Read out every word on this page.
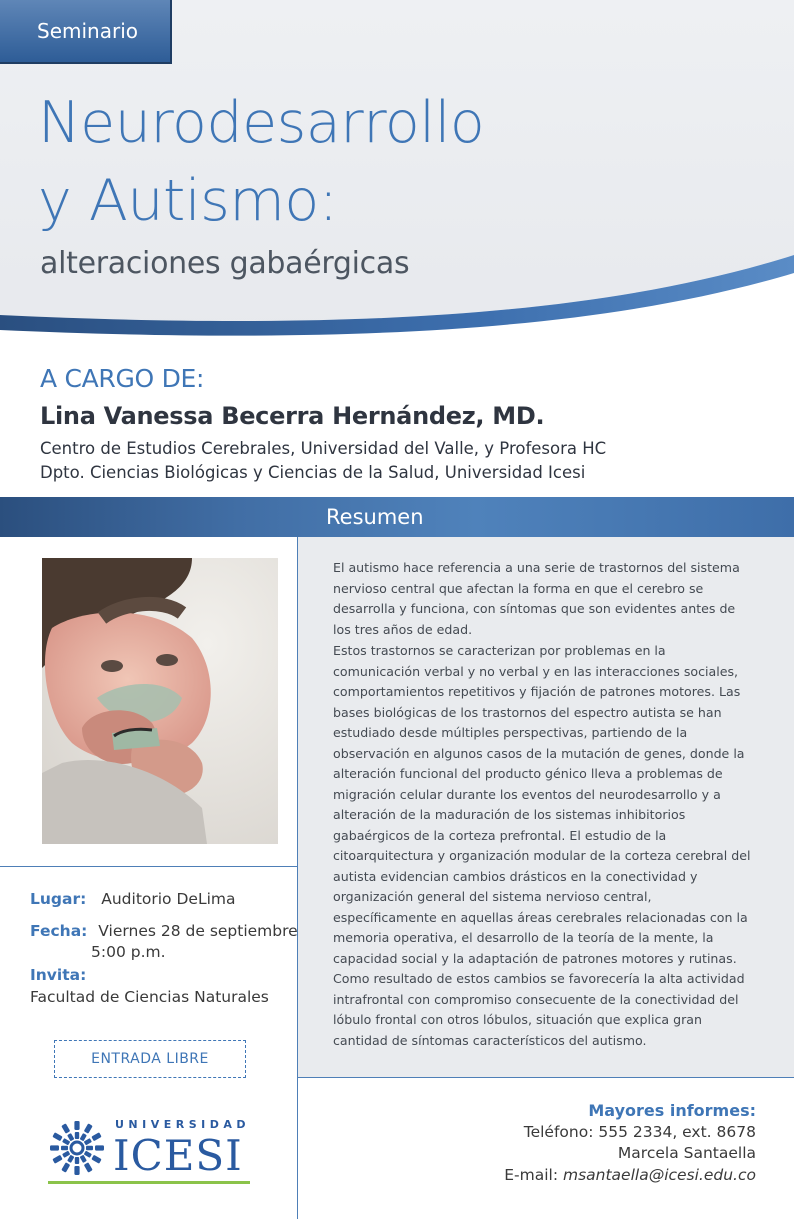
Seminario
Neurodesarrollo
y Autismo:
alteraciones gabaérgicas
A CARGO DE:
Lina Vanessa Becerra Hernández, MD.
Centro de Estudios Cerebrales, Universidad del Valle, y Profesora HC
Dpto. Ciencias Biológicas y Ciencias de la Salud, Universidad Icesi
Resumen

El autismo hace referencia a una serie de trastornos del sistema nervioso central que afectan la forma en que el cerebro se desarrolla y funciona, con síntomas que son evidentes antes de los tres años de edad.

Estos trastornos se caracterizan por problemas en la comunicación verbal y no verbal y en las interacciones sociales, comportamientos repetitivos y fijación de patrones motores. Las bases biológicas de los trastornos del espectro autista se han estudiado desde múltiples perspectivas, partiendo de la observación en algunos casos de la mutación de genes, donde la alteración funcional del producto génico lleva a problemas de migración celular durante los eventos del neurodesarrollo y a alteración de la maduración de los sistemas inhibitorios gabaérgicos de la corteza prefrontal. El estudio de la citoarquitectura y organización modular de la corteza cerebral del autista evidencian cambios drásticos en la conectividad y organización general del sistema nervioso central, específicamente en aquellas áreas cerebrales relacionadas con la memoria operativa, el desarrollo de la teoría de la mente, la capacidad social y la adaptación de patrones motores y rutinas. Como resultado de estos cambios se favorecería la alta actividad intrafrontal con compromiso consecuente de la conectividad del lóbulo frontal con otros lóbulos, situación que explica gran cantidad de síntomas característicos del autismo.

Lugar: Auditorio DeLima
Fecha: Viernes 28 de septiembre
5:00 p.m.
Invita:
Facultad de Ciencias Naturales
ENTRADA LIBRE
UNIVERSIDAD
ICESI
Mayores informes:
Teléfono: 555 2334, ext. 8678
Marcela Santaella
E-mail: msantaella@icesi.edu.co
